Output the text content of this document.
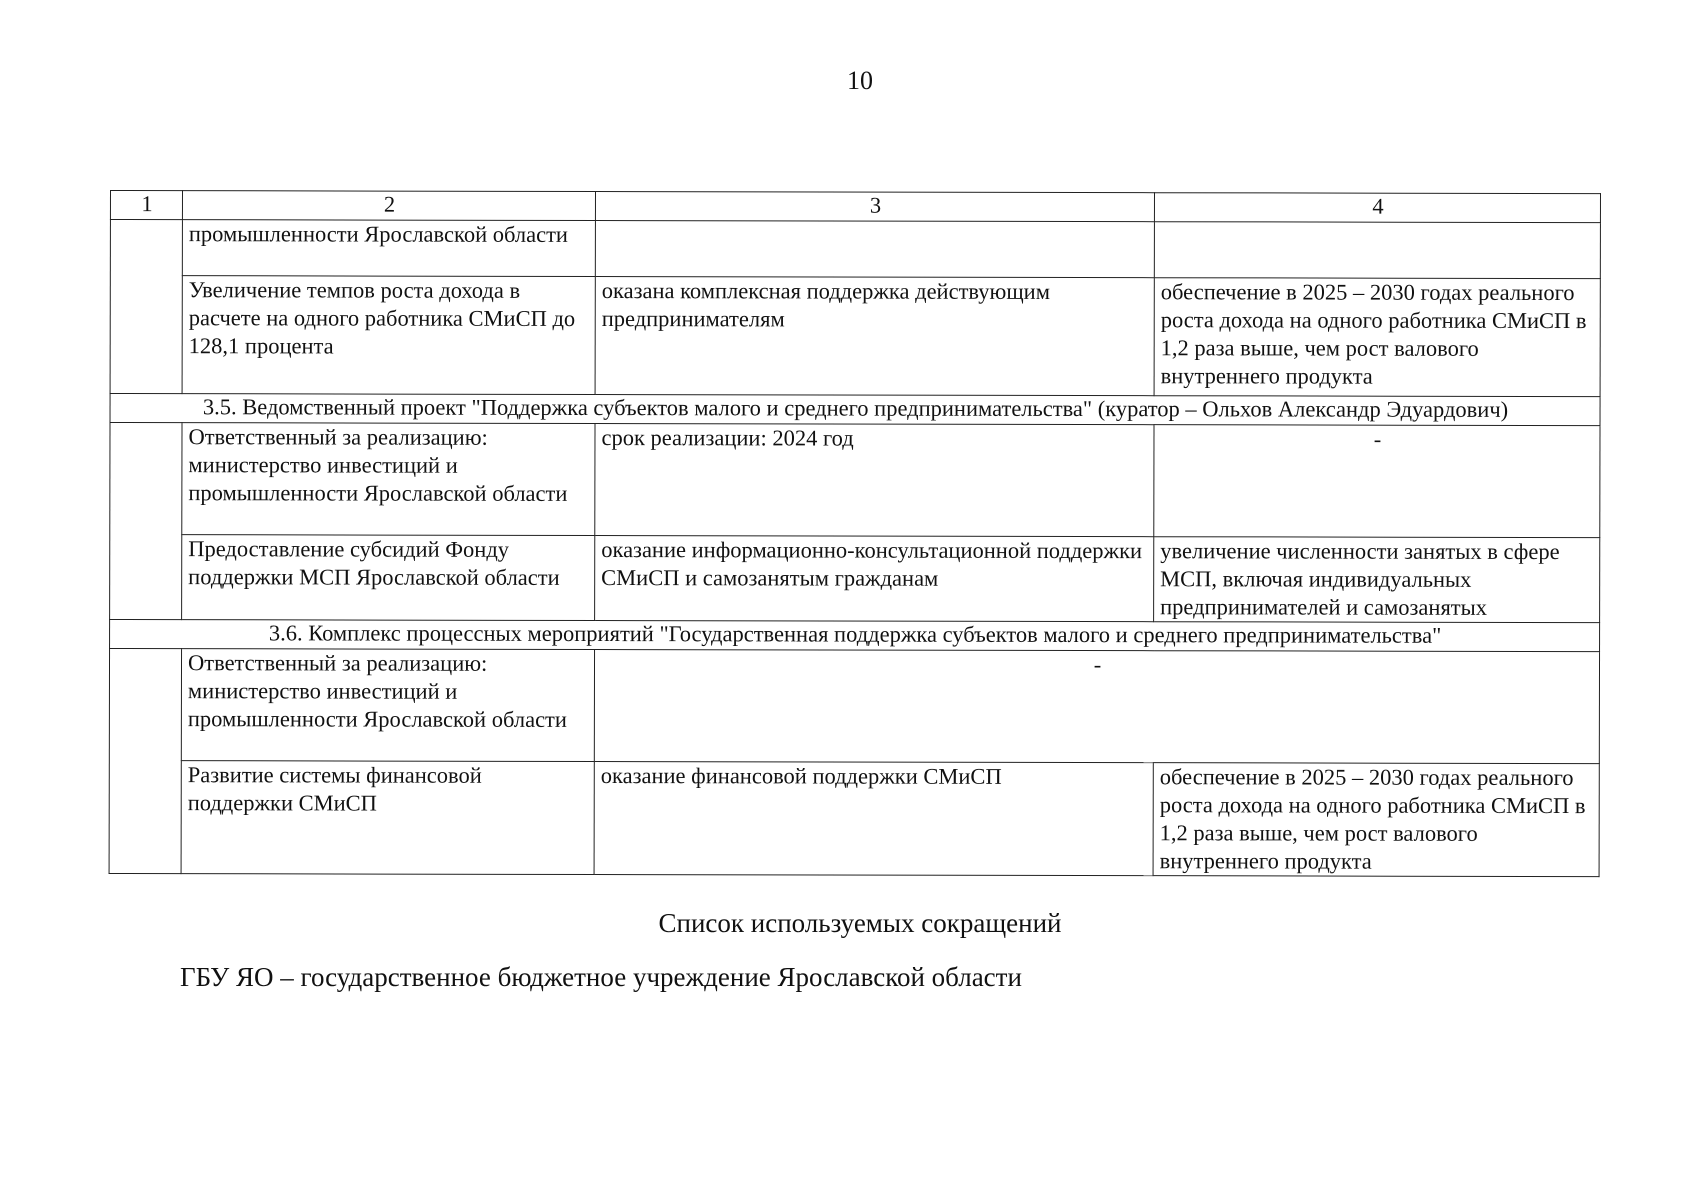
10
1	2	3	4
	промышленности Ярославской области		
	Увеличение темпов роста дохода в расчете на одного работника СМиСП до 128,1 процента	оказана комплексная поддержка действующим предпринимателям	обеспечение в 2025 – 2030 годах реального роста дохода на одного работника СМиСП в 1,2 раза выше, чем рост валового внутреннего продукта
3.5. Ведомственный проект "Поддержка субъектов малого и среднего предпринимательства" (куратор – Ольхов Александр Эдуардович)			
	Ответственный за реализацию: министерство инвестиций и промышленности Ярославской области	срок реализации: 2024 год	-
	Предоставление субсидий Фонду поддержки МСП Ярославской области	оказание информационно-консультационной поддержки СМиСП и самозанятым гражданам	увеличение численности занятых в сфере МСП, включая индивидуальных предпринимателей и самозанятых
3.6. Комплекс процессных мероприятий "Государственная поддержка субъектов малого и среднего предпринимательства"			
	Ответственный за реализацию: министерство инвестиций и промышленности Ярославской области	-	
	Развитие системы финансовой поддержки СМиСП	оказание финансовой поддержки СМиСП	обеспечение в 2025 – 2030 годах реального роста дохода на одного работника СМиСП в 1,2 раза выше, чем рост валового внутреннего продукта
Список используемых сокращений
ГБУ ЯО – государственное бюджетное учреждение Ярославской области
